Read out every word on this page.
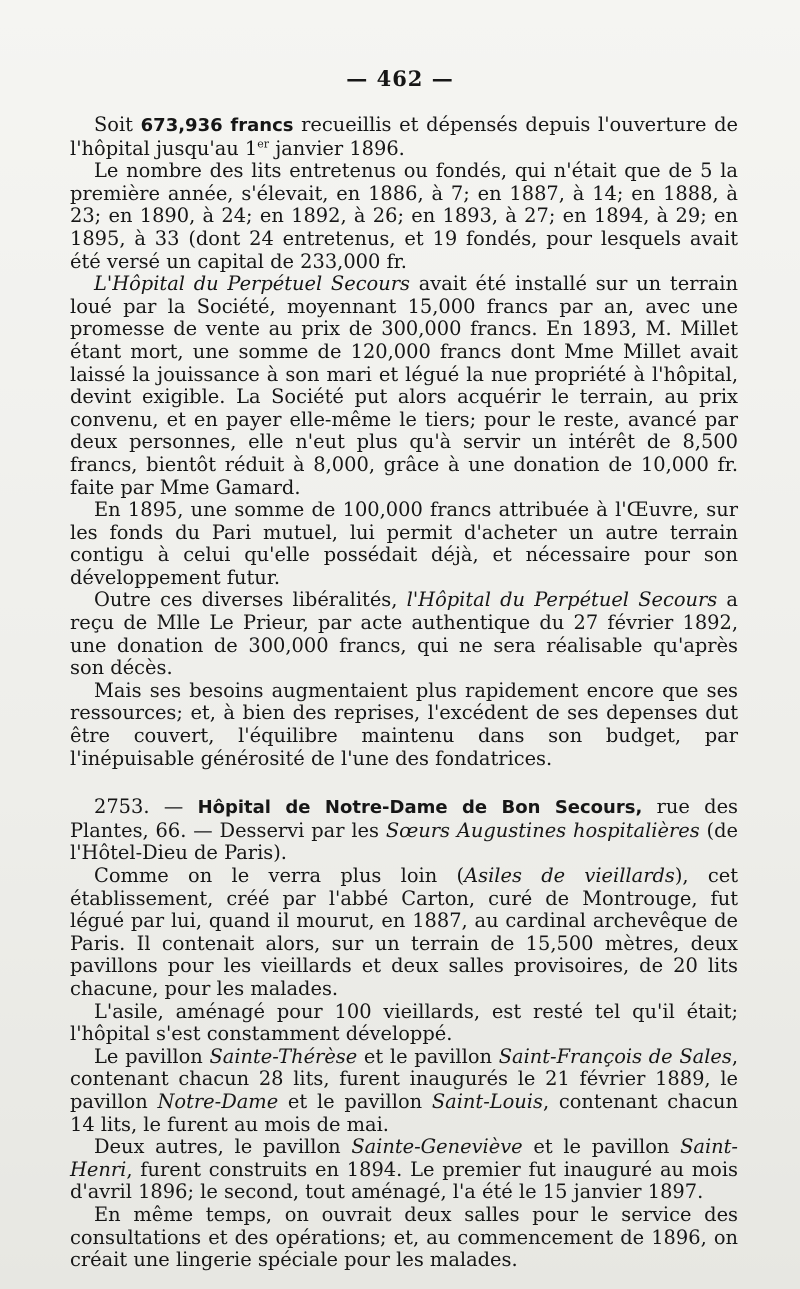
— 462 —

Soit 673,936 francs recueillis et dépensés depuis l'ouverture de l'hôpital jusqu'au 1er janvier 1896.

Le nombre des lits entretenus ou fondés, qui n'était que de 5 la première année, s'élevait, en 1886, à 7; en 1887, à 14; en 1888, à 23; en 1890, à 24; en 1892, à 26; en 1893, à 27; en 1894, à 29; en 1895, à 33 (dont 24 entretenus, et 19 fondés, pour lesquels avait été versé un capital de 233,000 fr.

L'Hôpital du Perpétuel Secours avait été installé sur un terrain loué par la Société, moyennant 15,000 francs par an, avec une promesse de vente au prix de 300,000 francs. En 1893, M. Millet étant mort, une somme de 120,000 francs dont Mme Millet avait laissé la jouissance à son mari et légué la nue propriété à l'hôpital, devint exigible. La Société put alors acquérir le terrain, au prix convenu, et en payer elle-même le tiers; pour le reste, avancé par deux personnes, elle n'eut plus qu'à servir un intérêt de 8,500 francs, bientôt réduit à 8,000, grâce à une donation de 10,000 fr. faite par Mme Gamard.

En 1895, une somme de 100,000 francs attribuée à l'Œuvre, sur les fonds du Pari mutuel, lui permit d'acheter un autre terrain contigu à celui qu'elle possédait déjà, et nécessaire pour son développement futur.

Outre ces diverses libéralités, l'Hôpital du Perpétuel Secours a reçu de Mlle Le Prieur, par acte authentique du 27 février 1892, une donation de 300,000 francs, qui ne sera réalisable qu'après son décès.

Mais ses besoins augmentaient plus rapidement encore que ses ressources; et, à bien des reprises, l'excédent de ses depenses dut être couvert, l'équilibre maintenu dans son budget, par l'inépuisable générosité de l'une des fondatrices.

2753. — Hôpital de Notre-Dame de Bon Secours, rue des Plantes, 66. — Desservi par les Sœurs Augustines hospitalières (de l'Hôtel-Dieu de Paris).

Comme on le verra plus loin (Asiles de vieillards), cet établissement, créé par l'abbé Carton, curé de Montrouge, fut légué par lui, quand il mourut, en 1887, au cardinal archevêque de Paris. Il contenait alors, sur un terrain de 15,500 mètres, deux pavillons pour les vieillards et deux salles provisoires, de 20 lits chacune, pour les malades.

L'asile, aménagé pour 100 vieillards, est resté tel qu'il était; l'hôpital s'est constamment développé.

Le pavillon Sainte-Thérèse et le pavillon Saint-François de Sales, contenant chacun 28 lits, furent inaugurés le 21 février 1889, le pavillon Notre-Dame et le pavillon Saint-Louis, contenant chacun 14 lits, le furent au mois de mai.

Deux autres, le pavillon Sainte-Geneviève et le pavillon Saint-Henri, furent construits en 1894. Le premier fut inauguré au mois d'avril 1896; le second, tout aménagé, l'a été le 15 janvier 1897.

En même temps, on ouvrait deux salles pour le service des consultations et des opérations; et, au commencement de 1896, on créait une lingerie spéciale pour les malades.
